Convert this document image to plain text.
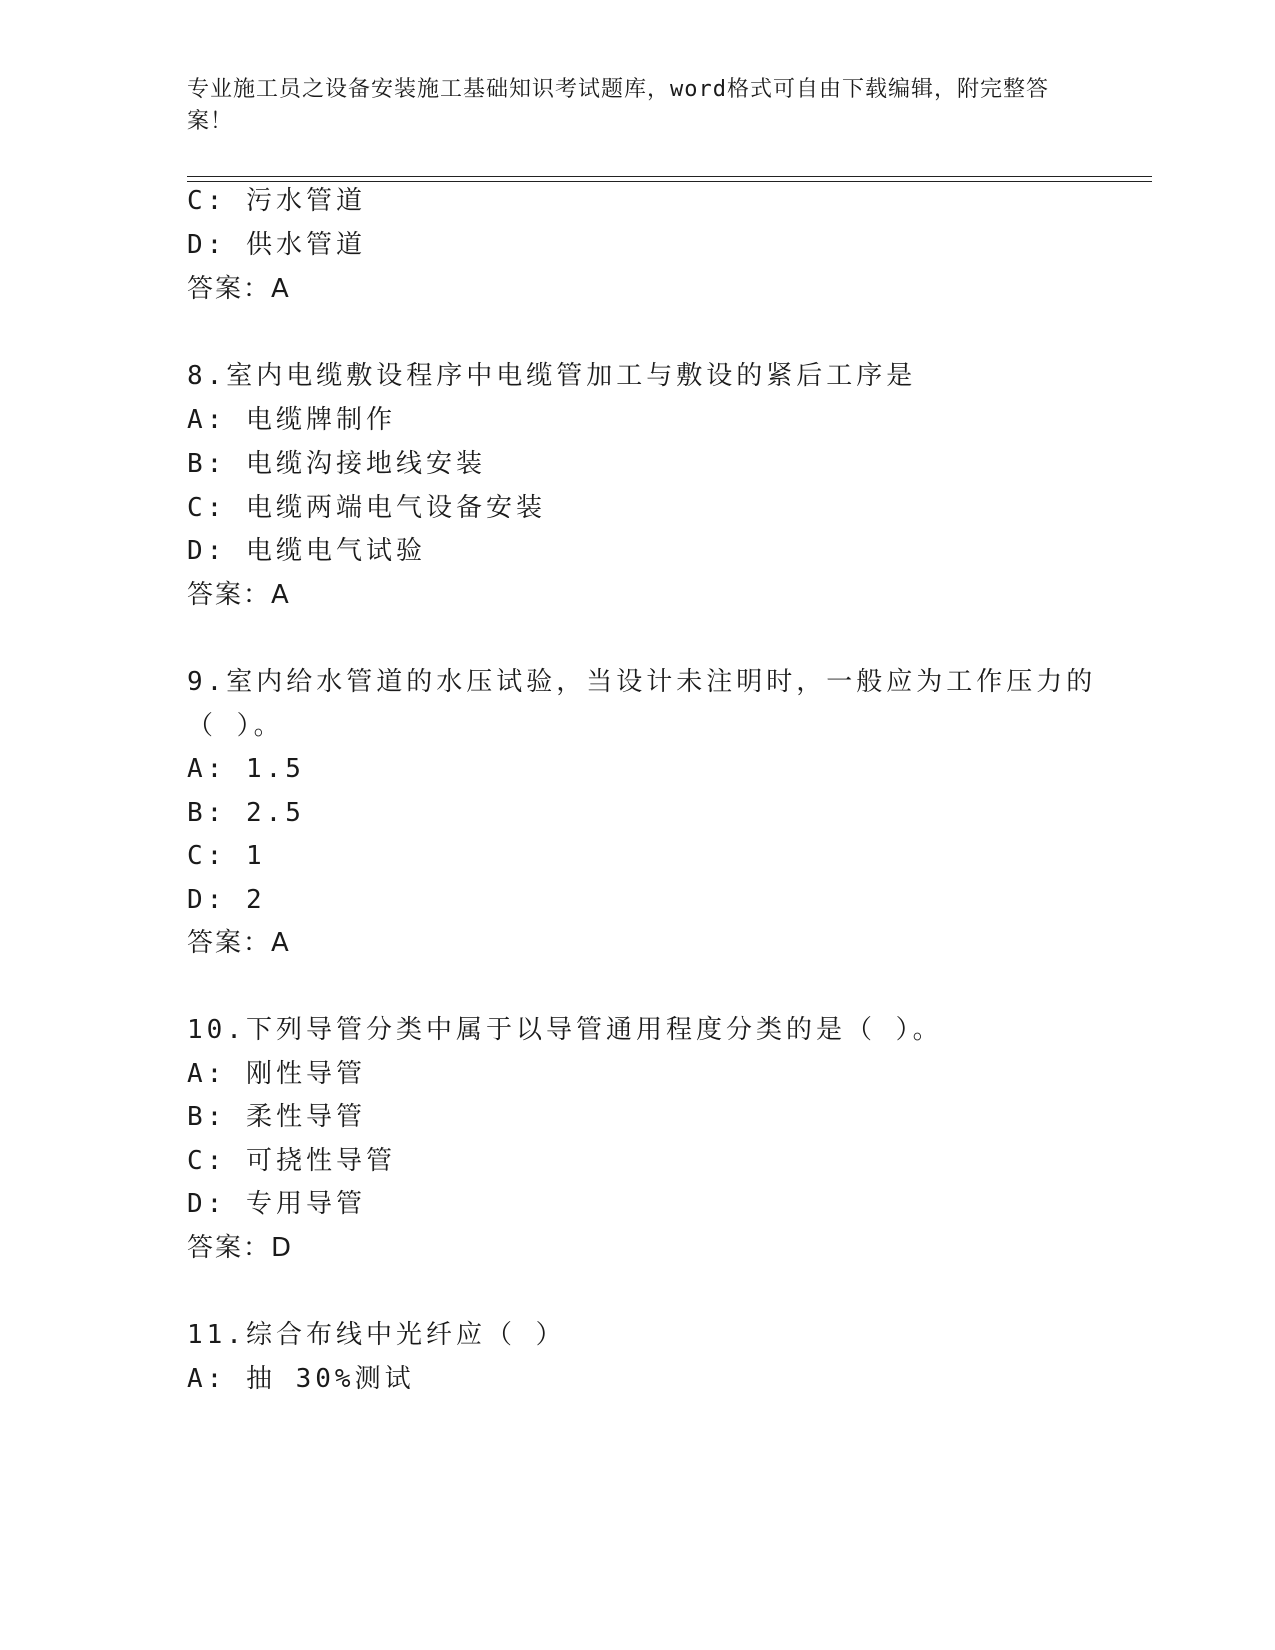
专业施工员之设备安装施工基础知识考试题库，word格式可自由下载编辑，附完整答案！
C: 污水管道
D: 供水管道
答案：A
8.室内电缆敷设程序中电缆管加工与敷设的紧后工序是
A: 电缆牌制作
B: 电缆沟接地线安装
C: 电缆两端电气设备安装
D: 电缆电气试验
答案：A
9.室内给水管道的水压试验，当设计未注明时，一般应为工作压力的
（ ）。
A: 1.5
B: 2.5
C: 1
D: 2
答案：A
10.下列导管分类中属于以导管通用程度分类的是（ ）。
A: 刚性导管
B: 柔性导管
C: 可挠性导管
D: 专用导管
答案：D
11.综合布线中光纤应（ ）
A: 抽 30%测试
